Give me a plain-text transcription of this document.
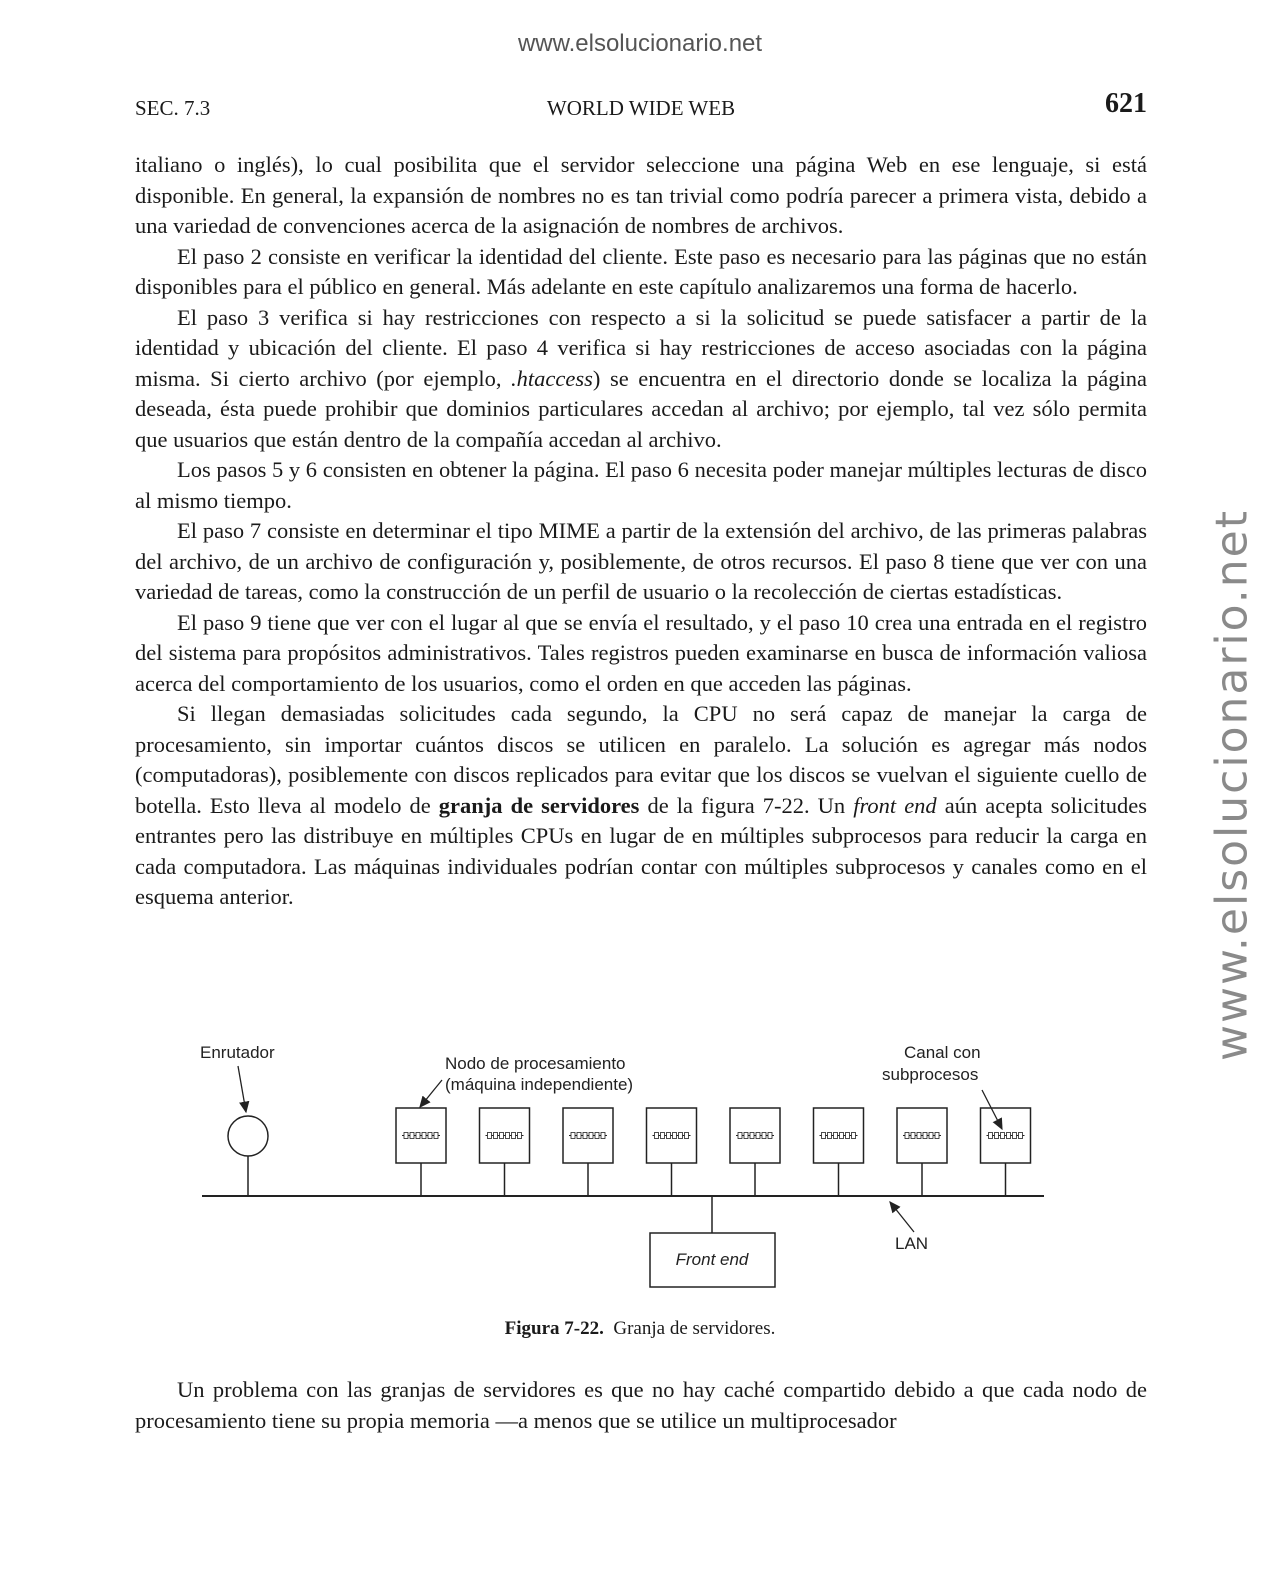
www.elsolucionario.net
www.elsolucionario.net
SEC. 7.3	WORLD WIDE WEB	621

italiano o inglés), lo cual posibilita que el servidor seleccione una página Web en ese lenguaje, si está disponible. En general, la expansión de nombres no es tan trivial como podría parecer a primera vista, debido a una variedad de convenciones acerca de la asignación de nombres de archivos.

El paso 2 consiste en verificar la identidad del cliente. Este paso es necesario para las páginas que no están disponibles para el público en general. Más adelante en este capítulo analizaremos una forma de hacerlo.

El paso 3 verifica si hay restricciones con respecto a si la solicitud se puede satisfacer a partir de la identidad y ubicación del cliente. El paso 4 verifica si hay restricciones de acceso asociadas con la página misma. Si cierto archivo (por ejemplo, .htaccess) se encuentra en el directorio donde se localiza la página deseada, ésta puede prohibir que dominios particulares accedan al archivo; por ejemplo, tal vez sólo permita que usuarios que están dentro de la compañía accedan al archivo.

Los pasos 5 y 6 consisten en obtener la página. El paso 6 necesita poder manejar múltiples lecturas de disco al mismo tiempo.

El paso 7 consiste en determinar el tipo MIME a partir de la extensión del archivo, de las primeras palabras del archivo, de un archivo de configuración y, posiblemente, de otros recursos. El paso 8 tiene que ver con una variedad de tareas, como la construcción de un perfil de usuario o la recolección de ciertas estadísticas.

El paso 9 tiene que ver con el lugar al que se envía el resultado, y el paso 10 crea una entrada en el registro del sistema para propósitos administrativos. Tales registros pueden examinarse en busca de información valiosa acerca del comportamiento de los usuarios, como el orden en que acceden las páginas.

Si llegan demasiadas solicitudes cada segundo, la CPU no será capaz de manejar la carga de procesamiento, sin importar cuántos discos se utilicen en paralelo. La solución es agregar más nodos (computadoras), posiblemente con discos replicados para evitar que los discos se vuelvan el siguiente cuello de botella. Esto lleva al modelo de granja de servidores de la figura 7-22. Un front end aún acepta solicitudes entrantes pero las distribuye en múltiples CPUs en lugar de en múltiples subprocesos para reducir la carga en cada computadora. Las máquinas individuales podrían contar con múltiples subprocesos y canales como en el esquema anterior.

Enrutador
Nodo de procesamiento
(máquina independiente)
Canal con
subprocesos
LAN
Front end
Figura 7-22. Granja de servidores.

Un problema con las granjas de servidores es que no hay caché compartido debido a que cada nodo de procesamiento tiene su propia memoria —a menos que se utilice un multiprocesador
